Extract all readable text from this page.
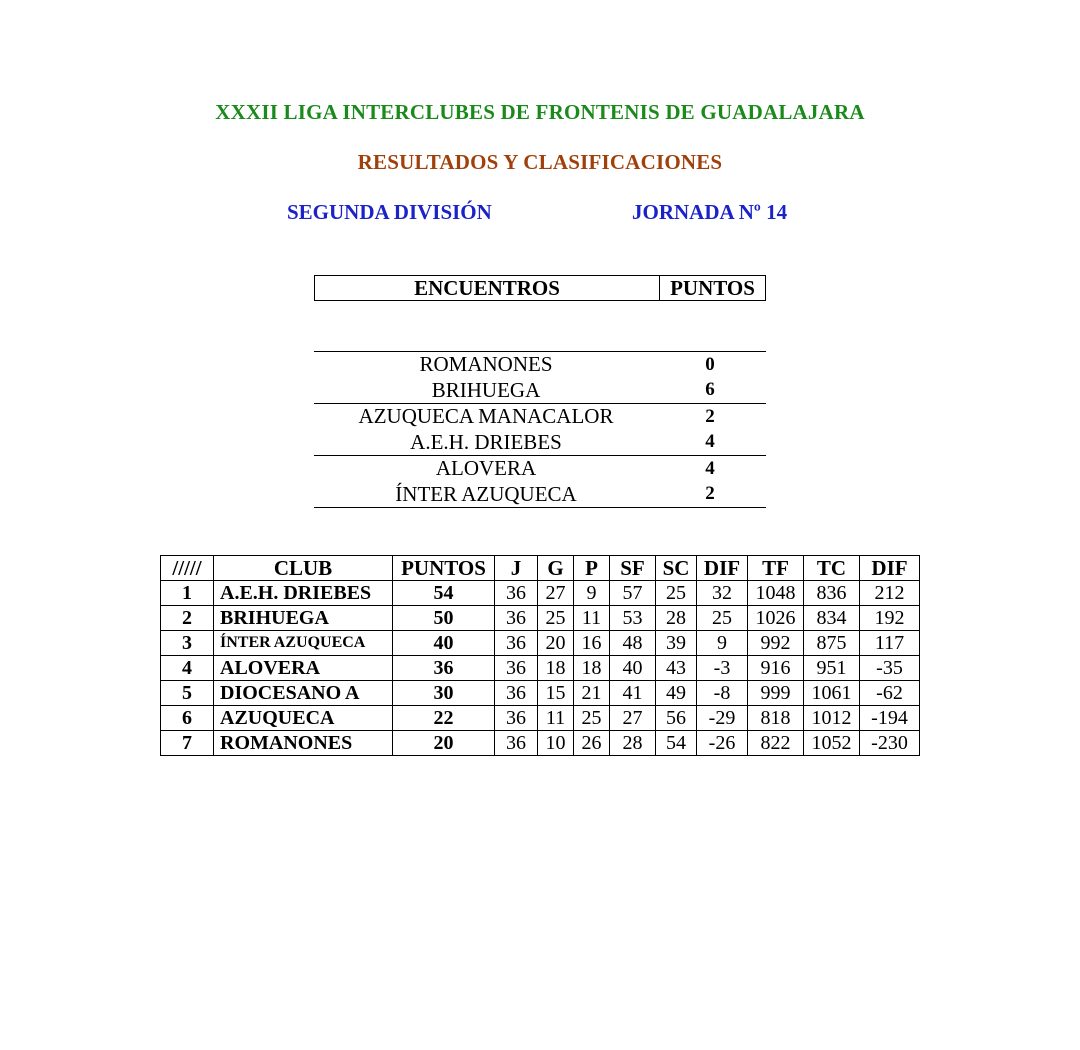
XXXII LIGA INTERCLUBES DE FRONTENIS DE GUADALAJARA
RESULTADOS Y CLASIFICACIONES
SEGUNDA DIVISIÓN	JORNADA Nº 14
ENCUENTROS	PUNTOS
ROMANONES	0
BRIHUEGA	6
AZUQUECA MANACALOR	2
A.E.H. DRIEBES	4
ALOVERA	4
ÍNTER AZUQUECA	2
/////	CLUB	PUNTOS	J	G	P	SF	SC	DIF	TF	TC	DIF
1	A.E.H. DRIEBES	54	36	27	9	57	25	32	1048	836	212
2	BRIHUEGA	50	36	25	11	53	28	25	1026	834	192
3	ÍNTER AZUQUECA	40	36	20	16	48	39	9	992	875	117
4	ALOVERA	36	36	18	18	40	43	-3	916	951	-35
5	DIOCESANO A	30	36	15	21	41	49	-8	999	1061	-62
6	AZUQUECA	22	36	11	25	27	56	-29	818	1012	-194
7	ROMANONES	20	36	10	26	28	54	-26	822	1052	-230
